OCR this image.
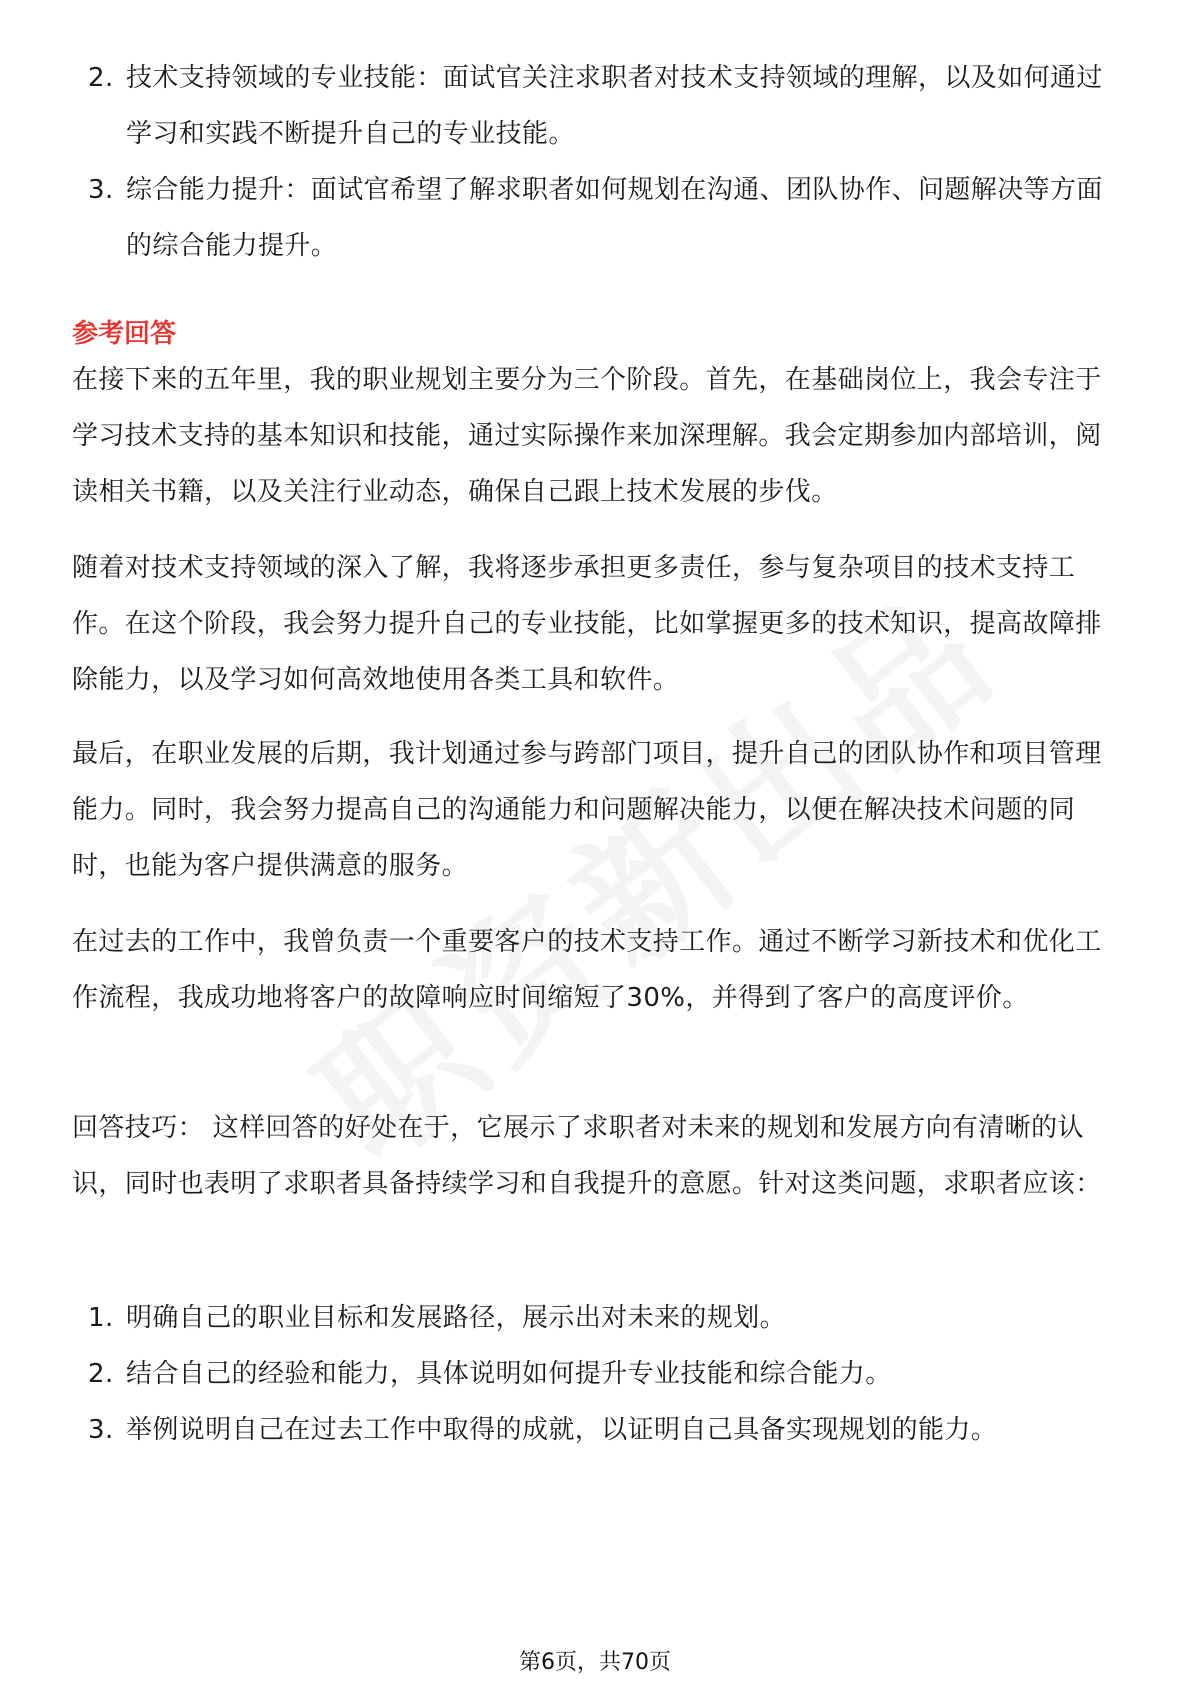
2. 技术支持领域的专业技能：面试官关注求职者对技术支持领域的理解，以及如何通过学习和实践不断提升自己的专业技能。
3. 综合能力提升：面试官希望了解求职者如何规划在沟通、团队协作、问题解决等方面的综合能力提升。
参考回答

在接下来的五年里，我的职业规划主要分为三个阶段。首先，在基础岗位上，我会专注于学习技术支持的基本知识和技能，通过实际操作来加深理解。我会定期参加内部培训，阅读相关书籍，以及关注行业动态，确保自己跟上技术发展的步伐。

随着对技术支持领域的深入了解，我将逐步承担更多责任，参与复杂项目的技术支持工作。在这个阶段，我会努力提升自己的专业技能，比如掌握更多的技术知识，提高故障排除能力，以及学习如何高效地使用各类工具和软件。

最后，在职业发展的后期，我计划通过参与跨部门项目，提升自己的团队协作和项目管理能力。同时，我会努力提高自己的沟通能力和问题解决能力，以便在解决技术问题的同时，也能为客户提供满意的服务。

在过去的工作中，我曾负责一个重要客户的技术支持工作。通过不断学习新技术和优化工作流程，我成功地将客户的故障响应时间缩短了30%，并得到了客户的高度评价。

回答技巧： 这样回答的好处在于，它展示了求职者对未来的规划和发展方向有清晰的认识，同时也表明了求职者具备持续学习和自我提升的意愿。针对这类问题，求职者应该：

1. 明确自己的职业目标和发展路径，展示出对未来的规划。
2. 结合自己的经验和能力，具体说明如何提升专业技能和综合能力。
3. 举例说明自己在过去工作中取得的成就，以证明自己具备实现规划的能力。
第6页，共70页
